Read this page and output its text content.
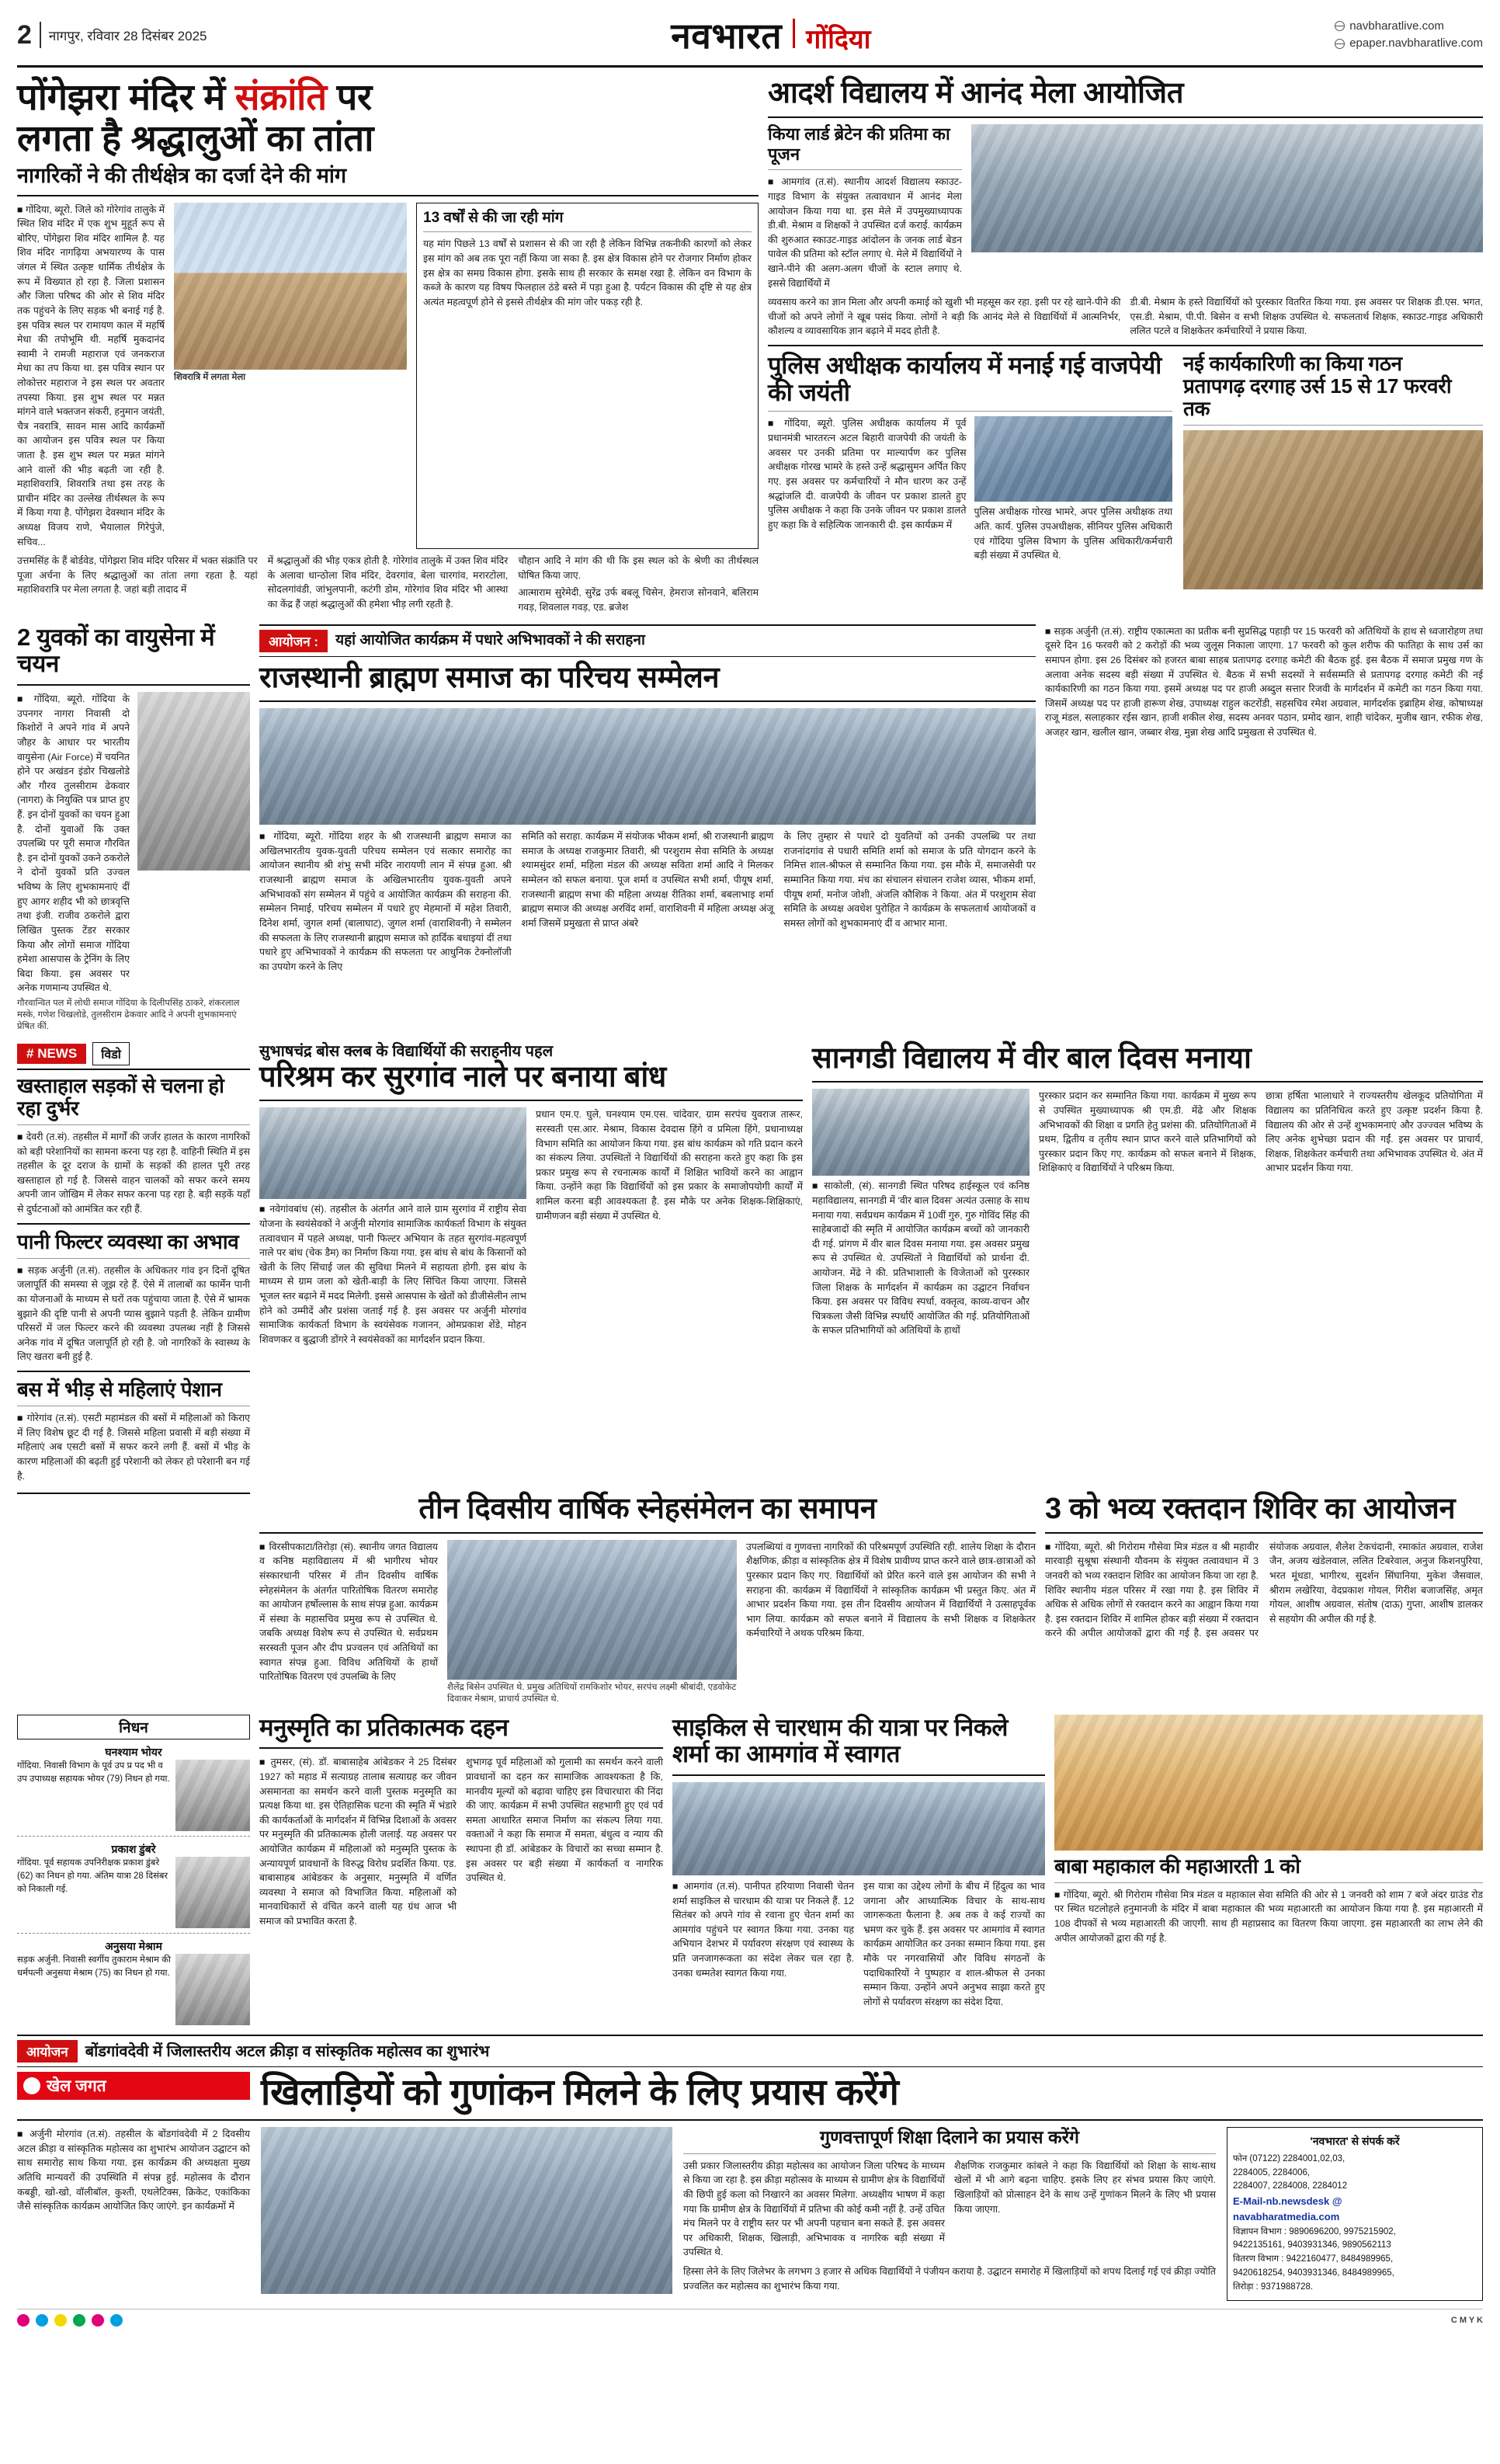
2 नागपुर, रविवार 28 दिसंबर 2025	नवभारत गोंदिया	navbharatlive.com
epaper.navbharatlive.com
पोंगेझरा मंदिर में संक्रांति पर
लगता है श्रद्धालुओं का तांता
नागरिकों ने की तीर्थक्षेत्र का दर्जा देने की मांग
■ गोंदिया, ब्यूरो. जिले को गोरेगांव तालुके में स्थित शिव मंदिर में एक शुभ मुहूर्त रूप से बोरिए, पोंगेझरा शिव मंदिर शामिल है. यह शिव मंदिर नागढ़िया अभयारण्य के पास जंगल में स्थित उत्कृष्ट धार्मिक तीर्थक्षेत्र के रूप में विख्यात हो रहा है. जिला प्रशासन और जिला परिषद की ओर से शिव मंदिर तक पहुंचने के लिए सड़क भी बनाई गई है. इस पवित्र स्थल पर रामायण काल में महर्षि मेधा की तपोभूमि थी. महर्षि मुकदानंद स्वामी ने रामजी महाराज एवं जनकराज मेधा का तप किया था. इस पवित्र स्थान पर लोकोत्तर महाराज ने इस स्थल पर अवतार तपस्या किया. इस शुभ स्थल पर मन्नत मांगने वाले भक्तजन संकरी, हनुमान जयंती, चैत्र नवरात्रि, सावन मास आदि कार्यक्रमों का आयोजन इस पवित्र स्थल पर किया जाता है. इस शुभ स्थल पर मन्नत मांगने आने वालों की भीड़ बढ़ती जा रही है. महाशिवरात्रि, शिवरात्रि तथा इस तरह के प्राचीन मंदिर का उल्लेख तीर्थस्थल के रूप में किया गया है. पोंगेझरा देवस्थान मंदिर के अध्यक्ष विजय राणे, भैयालाल गिरेपुंजे, सचिव...
शिवरात्रि में लगता मेला
13 वर्षों से की जा रही मांग
यह मांग पिछले 13 वर्षों से प्रशासन से की जा रही है लेकिन विभिन्न तकनीकी कारणों को लेकर इस मांग को अब तक पूरा नहीं किया जा सका है. इस क्षेत्र विकास होने पर रोजगार निर्माण होकर इस क्षेत्र का समग्र विकास होगा. इसके साथ ही सरकार के समक्ष रखा है. लेकिन वन विभाग के कब्जे के कारण यह विषय फिलहाल ठंडे बस्ते में पड़ा हुआ है. पर्यटन विकास की दृष्टि से यह क्षेत्र अत्यंत महत्वपूर्ण होने से इससे तीर्थक्षेत्र की मांग जोर पकड़ रही है.
उत्तमसिंह के हैं बोर्डवेड, पोंगेझरा शिव मंदिर परिसर में भक्त संक्रांति पर पूजा अर्चना के लिए श्रद्धालुओं का तांता लगा रहता है. यहां महाशिवरात्रि पर मेला लगता है. जहां बड़ी तादाद में
में श्रद्धालुओं की भीड़ एकत्र होती है. गोरेगांव तालुके में उक्त शिव मंदिर के अलावा धान्ठोला शिव मंदिर, देवरगांव, बेला चारगांव, मरारटोला, सोदलगांवंडी, जांभुलपानी, कटंगी डोम, गोरेगांव शिव मंदिर भी आस्था का केंद्र हैं जहां श्रद्धालुओं की हमेशा भीड़ लगी रहती है.
चौहान आदि ने मांग की थी कि इस स्थल को के श्रेणी का तीर्थस्थल घोषित किया जाए.
आत्माराम सुरेमेदी, सुरेंद्र उर्फ बबलू चिसेन, हेमराज सोनवाने, बलिराम गवड़, शिवलाल गवड़, एड. ब्रजेश
आदर्श विद्यालय में आनंद मेला आयोजित
किया लार्ड ब्रेटेन की प्रतिमा का पूजन
■ आमगांव (त.सं). स्थानीय आदर्श विद्यालय स्काउट-गाइड विभाग के संयुक्त तत्वावधान में आनंद मेला आयोजन किया गया था. इस मेले में उपमुख्याध्यापक डी.बी. मेश्राम व शिक्षकों ने उपस्थित दर्ज कराई. कार्यक्रम की शुरुआत स्काउट-गाइड आंदोलन के जनक लार्ड बेडन पावेल की प्रतिमा को स्टॉल लगाए थे. मेले में विद्यार्थियों ने खाने-पीने की अलग-अलग चीजों के स्टाल लगाए थे. इससे विद्यार्थियों में
व्यवसाय करने का ज्ञान मिला और अपनी कमाई को खुशी भी महसूस कर रहा. इसी पर रहे खाने-पीने की चीजों को अपने लोगों ने खूब पसंद किया. लोगों ने बड़ी कि आनंद मेले से विद्यार्थियों में आत्मनिर्भर, कौशल्य व व्यावसायिक ज्ञान बढ़ाने में मदद होती है.
डी.बी. मेश्राम के हस्ते विद्यार्थियों को पुरस्कार वितरित किया गया. इस अवसर पर शिक्षक डी.एस. भगत, एस.डी. मेश्राम, पी.पी. बिसेन व सभी शिक्षक उपस्थित थे. सफलतार्थ शिक्षक, स्काउट-गाइड अधिकारी ललित पटले व शिक्षकेतर कर्मचारियों ने प्रयास किया.
पुलिस अधीक्षक कार्यालय में मनाई गई वाजपेयी की जयंती
■ गोंदिया, ब्यूरो. पुलिस अधीक्षक कार्यालय में पूर्व प्रधानमंत्री भारतरत्न अटल बिहारी वाजपेयी की जयंती के अवसर पर उनकी प्रतिमा पर माल्यार्पण कर पुलिस अधीक्षक गोरख भामरे के हस्ते उन्हें श्रद्धासुमन अर्पित किए गए. इस अवसर पर कर्मचारियों ने मौन धारण कर उन्हें श्रद्धांजलि दी. वाजपेयी के जीवन पर प्रकाश डालते हुए पुलिस अधीक्षक ने कहा कि उनके जीवन पर प्रकाश डालते हुए कहा कि वे सहित्यिक जानकारी दी. इस कार्यक्रम में
पुलिस अधीक्षक गोरख भामरे, अपर पुलिस अधीक्षक तथा अति. कार्य. पुलिस उपअधीक्षक, सीनियर पुलिस अधिकारी एवं गोंदिया पुलिस विभाग के पुलिस अधिकारी/कर्मचारी बड़ी संख्या में उपस्थित थे.
नई कार्यकारिणी का किया गठन
प्रतापगढ़ दरगाह उर्स 15 से 17 फरवरी तक
2 युवकों का वायुसेना में चयन
■ गोंदिया, ब्यूरो. गोंदिया के उपनगर नागरा निवासी दो किशोरों ने अपने गांव में अपने जौहर के आधार पर भारतीय वायुसेना (Air Force) में चयनित होने पर अखंडन इंडोर चिखलोडे और गौरव तुलसीराम ढेकवार (नागरा) के नियुक्ति पत्र प्राप्त हुए हैं. इन दोनों युवकों का चयन हुआ है. दोनों युवाओं कि उक्त उपलब्धि पर पूरी समाज गौरवित है. इन दोनों युवकों उकने ठकरोले ने दोनों युवकों प्रति उज्वल भविष्य के लिए शुभकामनाएं दीं हुए आगर शहीद भी को छात्रवृत्ति तथा इंजी. राजीव ठकरोले द्वारा लिखित पुस्तक टेंडर सरकार किया और लोगों समाज गोंदिया हमेशा आसपास के ट्रेनिंग के लिए बिदा किया. इस अवसर पर अनेक गणमान्य उपस्थित थे.
गौरवान्वित पल में लोधी समाज गोंदिया के दिलीपसिंह ठाकरे, शंकरलाल मस्के, गणेश चिखलोडे, तुलसीराम ढेकवार आदि ने अपनी शुभकामनाएं प्रेषित कीं.
आयोजन :	यहां आयोजित कार्यक्रम में पधारे अभिभावकों ने की सराहना
राजस्थानी ब्राह्मण समाज का परिचय सम्मेलन
■ गोंदिया, ब्यूरो. गोंदिया शहर के श्री राजस्थानी ब्राह्मण समाज का अखिलभारतीय युवक-युवती परिचय सम्मेलन एवं सत्कार समारोह का आयोजन स्थानीय श्री शंभु सभी मंदिर नारायणी लान में संपन्न हुआ. श्री राजस्थानी ब्राह्मण समाज के अखिलभारतीय युवक-युवती अपने अभिभावकों संग सम्मेलन में पहुंचे व आयोजित कार्यक्रम की सराहना की. सम्मेलन निमाई, परिचय सम्मेलन में पधारे हुए मेहमानों में महेश तिवारी, दिनेश शर्मा, जुगल शर्मा (बालाघाट), जुगल शर्मा (वाराशिवनी) ने सम्मेलन की सफलता के लिए राजस्थानी ब्राह्मण समाज को हार्दिक बधाइयां दीं तथा पधारे हुए अभिभावकों ने कार्यक्रम की सफलता पर आधुनिक टेक्नोलॉजी का उपयोग करने के लिए
समिति को सराहा. कार्यक्रम में संयोजक भीकम शर्मा, श्री राजस्थानी ब्राह्मण समाज के अध्यक्ष राजकुमार तिवारी, श्री परशुराम सेवा समिति के अध्यक्ष श्यामसुंदर शर्मा, महिला मंडल की अध्यक्ष सविता शर्मा आदि ने मिलकर सम्मेलन को सफल बनाया. पूज शर्मा व उपस्थित सभी शर्मा, पीयूष शर्मा, राजस्थानी ब्राह्मण सभा की महिला अध्यक्ष रीतिका शर्मा, बबलाभाइ शर्मा ब्राह्मण समाज की अध्यक्ष अरविंद शर्मा, वाराशिवनी में महिला अध्यक्ष अंजू शर्मा जिसमें प्रमुखता से प्राप्त अंबरे
के लिए तुम्हार से पधारे दो युवतियों को उनकी उपलब्धि पर तथा राजनांदगांव से पधारी समिति शर्मा को समाज के प्रति योगदान करने के निमित्त शाल-श्रीफल से सम्मानित किया गया. इस मौके में, समाजसेवी पर सम्मानित किया गया. मंच का संचालन संचालन राजेश व्यास, भीकम शर्मा, पीयूष शर्मा, मनोज जोशी, अंजलि कौशिक ने किया. अंत में परशुराम सेवा समिति के अध्यक्ष अवधेश पुरोहित ने कार्यक्रम के सफलतार्थ आयोजकों व समस्त लोगों को शुभकामनाएं दीं व आभार माना.
■ सड़क अर्जुनी (त.सं). राष्ट्रीय एकात्मता का प्रतीक बनी सुप्रसिद्ध पहाड़ी पर 15 फरवरी को अतिथियों के हाथ से ध्वजारोहण तथा दूसरे दिन 16 फरवरी को 2 करोड़ों की भव्य जुलूस निकाला जाएगा. 17 फरवरी को कुल शरीफ की फातिहा के साथ उर्स का समापन होगा. इस 26 दिसंबर को हजरत बाबा साहब प्रतापगढ़ दरगाह कमेटी की बैठक हुई. इस बैठक में समाज प्रमुख गण के अलावा अनेक सदस्य बड़ी संख्या में उपस्थित थे. बैठक में सभी सदस्यों ने सर्वसम्मति से प्रतापगढ़ दरगाह कमेटी की नई कार्यकारिणी का गठन किया गया. इसमें अध्यक्ष पद पर हाजी अब्दुल सत्तार रिजवी के मार्गदर्शन में कमेटी का गठन किया गया. जिसमें अध्यक्ष पद पर हाजी हारूण शेख, उपाध्यक्ष राहुल कटरोंडी, सहसचिव रमेश अग्रवाल, मार्गदर्शक इब्राहिम शेख, कोषाध्यक्ष राजू मंडल, सलाहकार रईस खान, हाजी शकील शेख, सदस्य अनवर पठान, प्रमोद खान, शाही चांदेकर, मुजीब खान, रफीक शेख, अजहर खान, खलील खान, जब्बार शेख, मुन्ना शेख आदि प्रमुखता से उपस्थित थे.
# NEWS	विडो
खस्ताहाल सड़कों से चलना हो रहा दुर्भर
■ देवरी (त.सं). तहसील में मार्गों की जर्जर हालत के कारण नागरिकों को बड़ी परेशानियों का सामना करना पड़ रहा है. वाहिनी स्थिति में इस तहसील के दूर दराज के ग्रामों के सड़कों की हालत पूरी तरह खस्ताहाल हो गई है. जिससे वाहन चालकों को सफर करने समय अपनी जान जोखिम में लेकर सफर करना पड़ रहा है. बड़ी सड़कें यहाँ से दुर्घटनाओं को आमंत्रित कर रही हैं.
पानी फिल्टर व्यवस्था का अभाव
■ सड़क अर्जुनी (त.सं). तहसील के अधिकतर गांव इन दिनों दूषित जलापूर्ति की समस्या से जूझ रहे हैं. ऐसे में तालाबों का फार्मेन पानी का योजनाओं के माध्यम से घरों तक पहुंचाया जाता है. ऐसे में भ्रामक बुझाने की दृष्टि पानी से अपनी प्यास बुझाने पड़ती है. लेकिन ग्रामीण परिसरों में जल फिल्टर करने की व्यवस्था उपलब्ध नहीं है जिससे अनेक गांव में दूषित जलापूर्ति हो रही है. जो नागरिकों के स्वास्थ्य के लिए खतरा बनी हुई है.
बस में भीड़ से महिलाएं पेशान
■ गोरेगांव (त.सं). एसटी महामंडल की बसों में महिलाओं को किराए में लिए विशेष छूट दी गई है. जिससे महिला प्रवासी में बड़ी संख्या में महिलाएं अब एसटी बसों में सफर करने लगी हैं. बसों में भीड़ के कारण महिलाओं की बढ़ती हुई परेशानी को लेकर हो परेशानी बन गई है.
सुभाषचंद्र बोस क्लब के विद्यार्थियों की सराहनीय पहल
परिश्रम कर सुरगांव नाले पर बनाया बांध
■ नवेगांवबांध (सं). तहसील के अंतर्गत आने वाले ग्राम सुरगांव में राष्ट्रीय सेवा योजना के स्वयंसेवकों ने अर्जुनी मोरगांव सामाजिक कार्यकर्ता विभाग के संयुक्त तत्वावधान में पहले अध्यक्ष, पानी फिल्टर अभियान के तहत सुरगांव-महत्वपूर्ण नाले पर बांध (चेक डैम) का निर्माण किया गया. इस बांध से बांध के किसानों को खेती के लिए सिंचाई जल की सुविधा मिलने में सहायता होगी. इस बांध के माध्यम से ग्राम जला को खेती-बाड़ी के लिए सिंचित किया जाएगा. जिससे भूजल स्तर बढ़ाने में मदद मिलेगी. इससे आसपास के खेतों को डीजीसेलीन लाभ होने को उम्मीदें और प्रशंसा जताई गई है. इस अवसर पर अर्जुनी मोरगांव सामाजिक कार्यकर्ता विभाग के स्वयंसेवक गजानन, ओमप्रकाश शेंडे, मोहन शिवणकर व बुद्धाजी डोंगरे ने स्वयंसेवकों का मार्गदर्शन प्रदान किया.
प्रधान एम.ए. घुले, घनश्याम एम.एस. चांदेवार, ग्राम सरपंच युवराज तारूर, सरस्वती एस.आर. मेश्राम, विकास देवदास हिंगे व प्रमिला हिंगे, प्रधानाध्यक्ष विभाग समिति का आयोजन किया गया. इस बांध कार्यक्रम को गति प्रदान करने का संकल्प लिया. उपस्थितों ने विद्यार्थियों की सराहना करते हुए कहा कि इस प्रकार प्रमुख रूप से रचनात्मक कार्यों में शिक्षित भावियों करने का आह्वान किया. उन्होंने कहा कि विद्यार्थियों को इस प्रकार के समाजोपयोगी कार्यों में शामिल करना बड़ी आवश्यकता है. इस मौके पर अनेक शिक्षक-शिक्षिकाएं, ग्रामीणजन बड़ी संख्या में उपस्थित थे.
सानगडी विद्यालय में वीर बाल दिवस मनाया
■ साकोली, (सं). सानगडी स्थित परिषद हाईस्कूल एवं कनिष्ठ महाविद्यालय, सानगडी में 'वीर बाल दिवस' अत्यंत उत्साह के साथ मनाया गया. सर्वप्रथम कार्यक्रम में 10वीं गुरु, गुरु गोविंद सिंह की साहेबजादों की स्मृति में आयोजित कार्यक्रम बच्चों को जानकारी दी गई. प्रांगण में वीर बाल दिवस मनाया गया. इस अवसर प्रमुख रूप से उपस्थित थे. उपस्थितों ने विद्यार्थियों को प्रार्थना दी. आयोजन. मेंढे ने की. प्रतिभाशाली के विजेताओं को पुरस्कार जिला शिक्षक के मार्गदर्शन में कार्यक्रम का उद्घाटन निर्वाचन किया. इस अवसर पर विविध स्पर्धा, वक्तृत्व, काव्य-वाचन और चित्रकला जैसी विभिन्न स्पर्धाएँ आयोजित की गई. प्रतियोगिताओं के सफल प्रतिभागियों को अतिथियों के हाथों
पुरस्कार प्रदान कर सम्मानित किया गया. कार्यक्रम में मुख्य रूप से उपस्थित मुख्याध्यापक श्री एम.डी. मेंढे और शिक्षक अभिभावकों की शिक्षा व प्रगति हेतु प्रशंसा की. प्रतियोगिताओं में प्रथम, द्वितीय व तृतीय स्थान प्राप्त करने वाले प्रतिभागियों को पुरस्कार प्रदान किए गए. कार्यक्रम को सफल बनाने में शिक्षक, शिक्षिकाएं व विद्यार्थियों ने परिश्रम किया.
छात्रा हर्षिता भालाधारे ने राज्यस्तरीय खेलकूद प्रतियोगिता में विद्यालय का प्रतिनिधित्व करते हुए उत्कृष्ट प्रदर्शन किया है. विद्यालय की ओर से उन्हें शुभकामनाएं और उज्ज्वल भविष्य के लिए अनेक शुभेच्छा प्रदान की गईं. इस अवसर पर प्राचार्य, शिक्षक, शिक्षकेतर कर्मचारी तथा अभिभावक उपस्थित थे. अंत में आभार प्रदर्शन किया गया.
तीन दिवसीय वार्षिक स्नेहसंमेलन का समापन
■ विरसीपकाटा/तिरोड़ा (सं). स्थानीय जगत विद्यालय व कनिष्ठ महाविद्यालय में श्री भागीरथ भोयर संस्कारधानी परिसर में तीन दिवसीय वार्षिक स्नेहसंमेलन के अंतर्गत पारितोषिक वितरण समारोह का आयोजन हर्षोल्लास के साथ संपन्न हुआ. कार्यक्रम में संस्था के महासचिव प्रमुख रूप से उपस्थित थे. जबकि अध्यक्ष विशेष रूप से उपस्थित थे. सर्वप्रथम सरस्वती पूजन और दीप प्रज्वलन एवं अतिथियों का स्वागत संपन्न हुआ. विविध अतिथियों के हाथों पारितोषिक वितरण एवं उपलब्धि के लिए
शैलेंद्र बिसेन उपस्थित थे. प्रमुख अतिथियों रामकिशोर भोयर, सरपंच लक्ष्मी श्रीबांदी, एडवोकेट दिवाकर मेश्राम, प्राचार्य उपस्थित थे.
उपलब्धियां व गुणवत्ता नागरिकों की परिश्रमपूर्ण उपस्थिति रही. शालेय शिक्षा के दौरान शैक्षणिक, क्रीड़ा व सांस्कृतिक क्षेत्र में विशेष प्रावीण्य प्राप्त करने वाले छात्र-छात्राओं को पुरस्कार प्रदान किए गए. विद्यार्थियों को प्रेरित करने वाले इस आयोजन की सभी ने सराहना की. कार्यक्रम में विद्यार्थियों ने सांस्कृतिक कार्यक्रम भी प्रस्तुत किए. अंत में आभार प्रदर्शन किया गया. इस तीन दिवसीय आयोजन में विद्यार्थियों ने उत्साहपूर्वक भाग लिया. कार्यक्रम को सफल बनाने में विद्यालय के सभी शिक्षक व शिक्षकेतर कर्मचारियों ने अथक परिश्रम किया.
3 को भव्य रक्तदान शिविर का आयोजन
■ गोंदिया, ब्यूरो. श्री गिरोराम गौसेवा मित्र मंडल व श्री महावीर मारवाड़ी सुश्रूषा संस्थानी यौवनम के संयुक्त तत्वावधान में 3 जनवरी को भव्य रक्तदान शिविर का आयोजन किया जा रहा है. शिविर स्थानीय मंडल परिसर में रखा गया है. इस शिविर में अधिक से अधिक लोगों से रक्तदान करने का आह्वान किया गया है. इस रक्तदान शिविर में शामिल होकर बड़ी संख्या में रक्तदान करने की अपील आयोजकों द्वारा की गई है. इस अवसर पर संयोजक अग्रवाल, शैलेश टेकचंदानी, रमाकांत अग्रवाल, राजेश जैन, अजय खंडेलवाल, ललित टिबरेवाल, अनुज किशनपुरिया, भरत मूंधडा, भागीरथ, सुदर्शन सिंघानिया, मुकेश जैसवाल, श्रीराम लखेरिया, वेदप्रकाश गोयल, गिरीश बजाजसिंह, अमृत गोयल, आशीष अग्रवाल, संतोष (दाऊ) गुप्ता, आशीष डालकर से सहयोग की अपील की गई है.
निधन
घनश्याम भोयर
गोंदिया. निवासी विभाग के पूर्व उप प्र पद भी व उप उपाध्यक्ष सहायक भोयर (79) निधन हो गया.
प्रकाश डुंबरे
गोंदिया. पूर्व सहायक उपनिरीक्षक प्रकाश डुंबरे (62) का निधन हो गया. अंतिम यात्रा 28 दिसंबर को निकाली गई.
अनुसया मेश्राम
सड़क अर्जुनी. निवासी स्वर्गीय तुकाराम मेश्राम की धर्मपत्नी अनुसया मेश्राम (75) का निधन हो गया.
मनुस्मृति का प्रतिकात्मक दहन
■ तुमसर, (सं). डॉ. बाबासाहेब आंबेडकर ने 25 दिसंबर 1927 को महाड में सत्याग्रह तालाब सत्याग्रह कर जीवन असमानता का समर्थन करने वाली पुस्तक मनुस्मृति का प्रत्यक्ष किया था. इस ऐतिहासिक घटना की स्मृति में भंडारे की कार्यकर्ताओं के मार्गदर्शन में विभिन्न दिशाओं के अवसर पर मनुस्मृति की प्रतिकात्मक होली जलाई. यह अवसर पर आयोजित कार्यक्रम में महिलाओं को मनुस्मृति पुस्तक के अन्यायपूर्ण प्रावधानों के विरुद्ध विरोध प्रदर्शित किया. एड. बाबासाहब आंबेडकर के अनुसार, मनुस्मृति में वर्णित व्यवस्था ने समाज को विभाजित किया. महिलाओं को मानवाधिकारों से वंचित करने वाली यह ग्रंथ आज भी समाज को प्रभावित करता है.
शुभागढ़ पूर्व महिलाओं को गुलामी का समर्थन करने वाली प्रावधानों का दहन कर सामाजिक आवश्यकता है कि, मानवीय मूल्यों को बढ़ावा चाहिए इस विचारधारा की निंदा की जाए. कार्यक्रम में सभी उपस्थित सहभागी हुए एवं पर्व समता आधारित समाज निर्माण का संकल्प लिया गया. वक्ताओं ने कहा कि समाज में समता, बंधुत्व व न्याय की स्थापना ही डॉ. आंबेडकर के विचारों का सच्चा सम्मान है. इस अवसर पर बड़ी संख्या में कार्यकर्ता व नागरिक उपस्थित थे.
साइकिल से चारधाम की यात्रा पर निकले शर्मा का आमगांव में स्वागत
■ आमगांव (त.सं). पानीपत हरियाणा निवासी चेतन शर्मा साइकिल से चारधाम की यात्रा पर निकले हैं. 12 सितंबर को अपने गांव से रवाना हुए चेतन शर्मा का आमगांव पहुंचने पर स्वागत किया गया. उनका यह अभियान देशभर में पर्यावरण संरक्षण एवं स्वास्थ्य के प्रति जनजागरूकता का संदेश लेकर चल रहा है. उनका धम्मतेश स्वागत किया गया.
इस यात्रा का उद्देश्य लोगों के बीच में हिंदुत्व का भाव जगाना और आध्यात्मिक विचार के साथ-साथ जागरूकता फैलाना है. अब तक वे कई राज्यों का भ्रमण कर चुके हैं. इस अवसर पर आमगांव में स्वागत कार्यक्रम आयोजित कर उनका सम्मान किया गया. इस मौके पर नगरवासियों और विविध संगठनों के पदाधिकारियों ने पुष्पहार व शाल-श्रीफल से उनका सम्मान किया. उन्होंने अपने अनुभव साझा करते हुए लोगों से पर्यावरण संरक्षण का संदेश दिया.
बाबा महाकाल की महाआरती 1 को
■ गोंदिया, ब्यूरो. श्री गिरोराम गौसेवा मित्र मंडल व महाकाल सेवा समिति की ओर से 1 जनवरी को शाम 7 बजे अंदर ग्राउंड रोड पर स्थित घटलोहले हनुमानजी के मंदिर में बाबा महाकाल की भव्य महाआरती का आयोजन किया गया है. इस महाआरती में 108 दीपकों से भव्य महाआरती की जाएगी. साथ ही महाप्रसाद का वितरण किया जाएगा. इस महाआरती का लाभ लेने की अपील आयोजकों द्वारा की गई है.
आयोजन	बोंडगांवदेवी में जिलास्तरीय अटल क्रीड़ा व सांस्कृतिक महोत्सव का शुभारंभ
खेल जगत	खिलाड़ियों को गुणांकन मिलने के लिए प्रयास करेंगे
■ अर्जुनी मोरगांव (त.सं). तहसील के बोंडगांवदेवी में 2 दिवसीय अटल क्रीड़ा व सांस्कृतिक महोत्सव का शुभारंभ आयोजन उद्घाटन को साथ समारोह साथ किया गया. इस कार्यक्रम की अध्यक्षता मुख्य अतिथि मान्यवरों की उपस्थिति में संपन्न हुई. महोत्सव के दौरान कबड्डी, खो-खो, वॉलीबॉल, कुश्ती, एथलेटिक्स, क्रिकेट, एकांकिका जैसे सांस्कृतिक कार्यक्रम आयोजित किए जाएंगे. इन कार्यक्रमों में
गुणवत्तापूर्ण शिक्षा दिलाने का प्रयास करेंगे
उसी प्रकार जिलास्तरीय क्रीड़ा महोत्सव का आयोजन जिला परिषद के माध्यम से किया जा रहा है. इस क्रीड़ा महोत्सव के माध्यम से ग्रामीण क्षेत्र के विद्यार्थियों की छिपी हुई कला को निखारने का अवसर मिलेगा. अध्यक्षीय भाषण में कहा गया कि ग्रामीण क्षेत्र के विद्यार्थियों में प्रतिभा की कोई कमी नहीं है. उन्हें उचित मंच मिलने पर वे राष्ट्रीय स्तर पर भी अपनी पहचान बना सकते हैं. इस अवसर पर अधिकारी, शिक्षक, खिलाड़ी, अभिभावक व नागरिक बड़ी संख्या में उपस्थित थे.
शैक्षणिक राजकुमार कांबले ने कहा कि विद्यार्थियों को शिक्षा के साथ-साथ खेलों में भी आगे बढ़ना चाहिए. इसके लिए हर संभव प्रयास किए जाएंगे. खिलाड़ियों को प्रोत्साहन देने के साथ उन्हें गुणांकन मिलने के लिए भी प्रयास किया जाएगा.
हिस्सा लेने के लिए जिलेभर के लगभग 3 हजार से अधिक विद्यार्थियों ने पंजीयन कराया है. उद्घाटन समारोह में खिलाड़ियों को शपथ दिलाई गई एवं क्रीड़ा ज्योति प्रज्वलित कर महोत्सव का शुभारंभ किया गया.
'नवभारत' से संपर्क करें
फोन (07122) 2284001,02,03,
2284005, 2284006,
2284007, 2284008, 2284012
E-Mail-nb.newsdesk @
navabharatmedia.com
विज्ञापन विभाग : 9890696200, 9975215902,
9422135161, 9403931346, 9890562113
वितरण विभाग : 9422160477, 8484989965,
9420618254, 9403931346, 8484989965,
तिरोड़ा : 9371988728.
C M Y K
